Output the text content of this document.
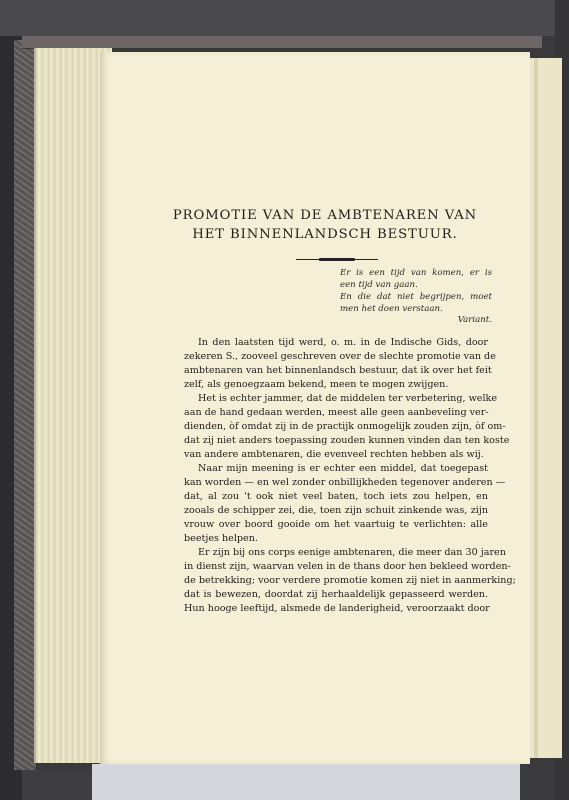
PROMOTIE VAN DE AMBTENAREN VAN
HET BINNENLANDSCH BESTUUR.
Er is een tijd van komen, er is
een tijd van gaan.
En die dat niet begrijpen, moet
men het doen verstaan.
Variant.
In den laatsten tijd werd, o. m. in de Indische Gids, door
zekeren S., zooveel geschreven over de slechte promotie van de
ambtenaren van het binnenlandsch bestuur, dat ik over het feit
zelf, als genoegzaam bekend, meen te mogen zwijgen.
Het is echter jammer, dat de middelen ter verbetering, welke
aan de hand gedaan werden, meest alle geen aanbeveling ver-
dienden, òf omdat zij in de practijk onmogelijk zouden zijn, òf om-
dat zij niet anders toepassing zouden kunnen vinden dan ten koste
van andere ambtenaren, die evenveel rechten hebben als wij.
Naar mijn meening is er echter een middel, dat toegepast
kan worden — en wel zonder onbillijkheden tegenover anderen —
dat, al zou 't ook niet veel baten, toch iets zou helpen, en
zooals de schipper zei, die, toen zijn schuit zinkende was, zijn
vrouw over boord gooide om het vaartuig te verlichten: alle
beetjes helpen.
Er zijn bij ons corps eenige ambtenaren, die meer dan 30 jaren
in dienst zijn, waarvan velen in de thans door hen bekleed worden-
de betrekking; voor verdere promotie komen zij niet in aanmerking;
dat is bewezen, doordat zij herhaaldelijk gepasseerd werden.
Hun hooge leeftijd, alsmede de landerigheid, veroorzaakt door
